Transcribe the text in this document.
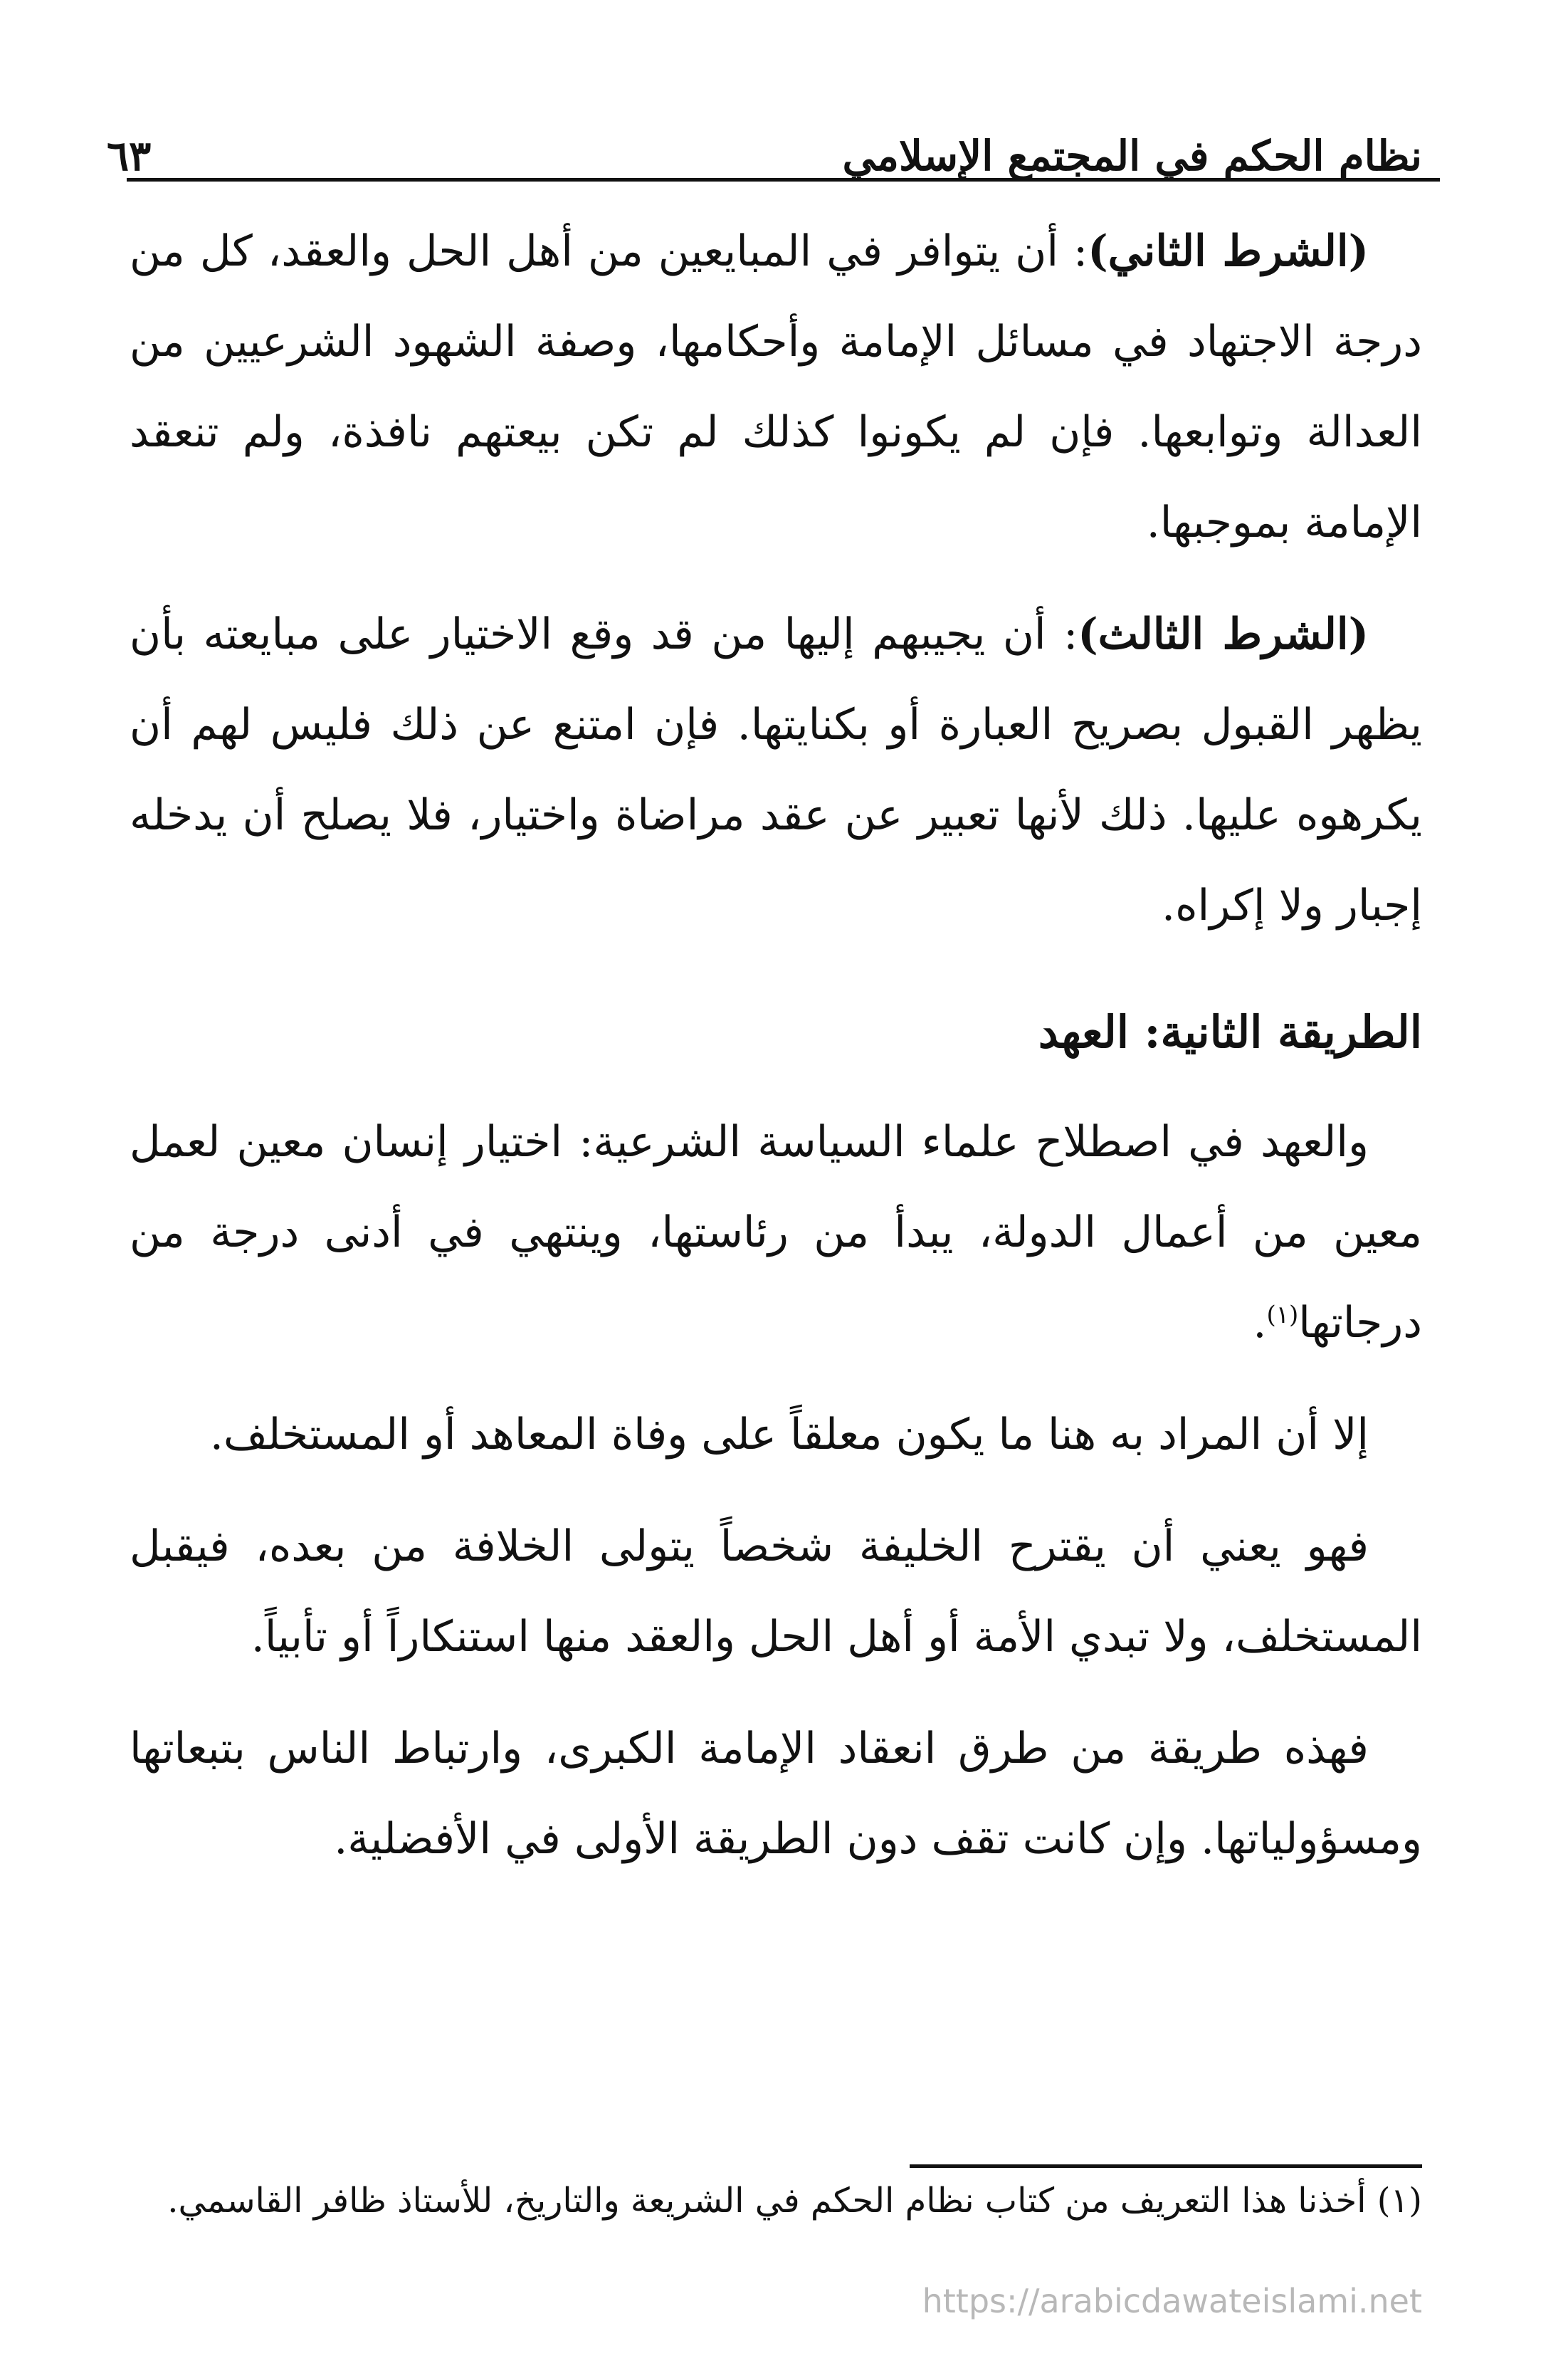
نظام الحكم في المجتمع الإسلامي
٦٣

(الشرط الثاني): أن يتوافر في المبايعين من أهل الحل والعقد، كل من درجة الاجتهاد في مسائل الإمامة وأحكامها، وصفة الشهود الشرعيين من العدالة وتوابعها. فإن لم يكونوا كذلك لم تكن بيعتهم نافذة، ولم تنعقد الإمامة بموجبها.

(الشرط الثالث): أن يجيبهم إليها من قد وقع الاختيار على مبايعته بأن يظهر القبول بصريح العبارة أو بكنايتها. فإن امتنع عن ذلك فليس لهم أن يكرهوه عليها. ذلك لأنها تعبير عن عقد مراضاة واختيار، فلا يصلح أن يدخله إجبار ولا إكراه.

الطريقة الثانية: العهد

والعهد في اصطلاح علماء السياسة الشرعية: اختيار إنسان معين لعمل معين من أعمال الدولة، يبدأ من رئاستها، وينتهي في أدنى درجة من درجاتها$^{(١)}$.

إلا أن المراد به هنا ما يكون معلقاً على وفاة المعاهد أو المستخلف.

فهو يعني أن يقترح الخليفة شخصاً يتولى الخلافة من بعده، فيقبل المستخلف، ولا تبدي الأمة أو أهل الحل والعقد منها استنكاراً أو تأبياً.

فهذه طريقة من طرق انعقاد الإمامة الكبرى، وارتباط الناس بتبعاتها ومسؤولياتها. وإن كانت تقف دون الطريقة الأولى في الأفضلية.

(١) أخذنا هذا التعريف من كتاب نظام الحكم في الشريعة والتاريخ، للأستاذ ظافر القاسمي.
https://arabicdawateislami.net
